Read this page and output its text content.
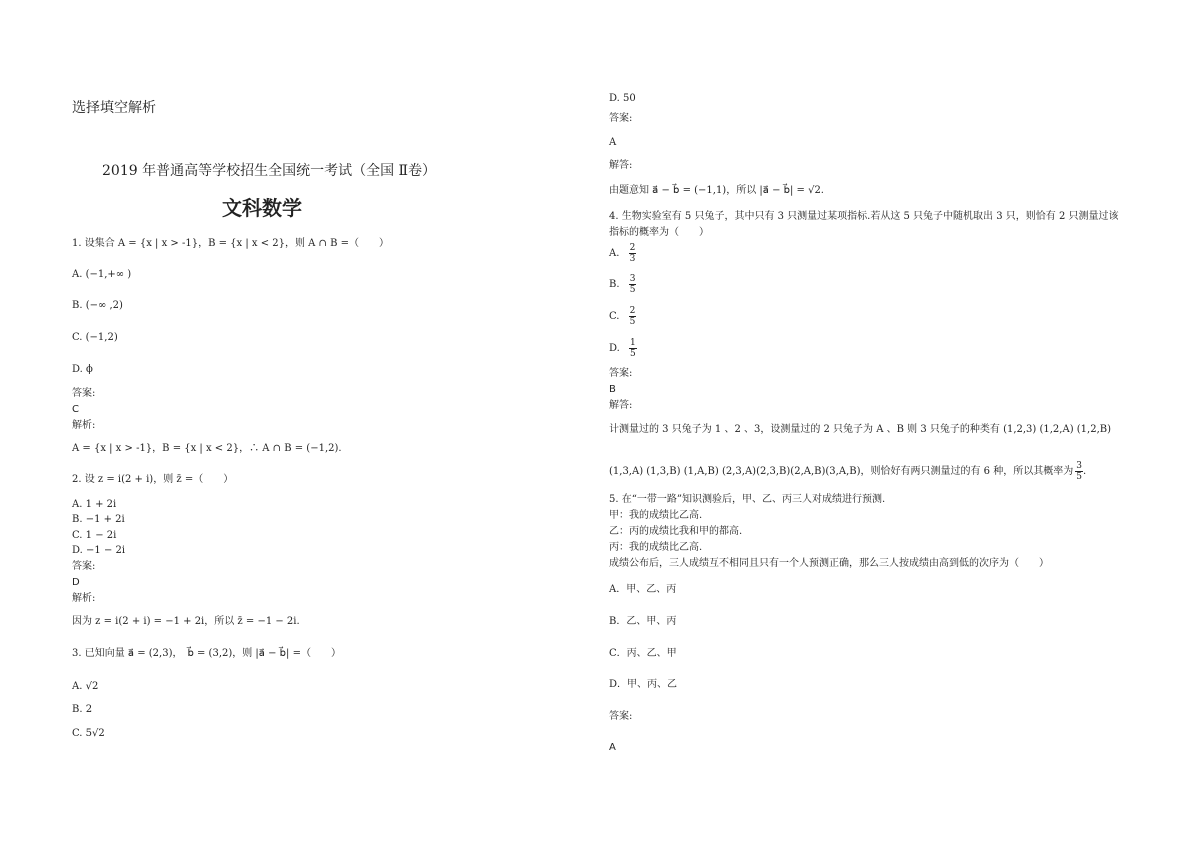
选择填空解析
2019 年普通高等学校招生全国统一考试（全国 Ⅱ卷）
文科数学
1. 设集合 A = {x | x > -1}，B = {x | x < 2}，则 A ∩ B =（　　）
A. (−1,+∞ )
B. (−∞ ,2)
C. (−1,2)
D. ϕ
答案:
C
解析:
A = {x | x > -1}，B = {x | x < 2}，∴ A ∩ B = (−1,2).
2. 设 z = i(2 + i)，则 z̄ =（　　）
A. 1 + 2i
B. −1 + 2i
C. 1 − 2i
D. −1 − 2i
答案:
D
解析:
因为 z = i(2 + i) = −1 + 2i，所以 z̄ = −1 − 2i.
3. 已知向量 a⃗ = (2,3)，　b⃗ = (3,2)，则 |a⃗ − b⃗| =（　　）
A. √2
B. 2
C. 5√2
D. 50
答案:
A
解答:
由题意知 a⃗ − b⃗ = (−1,1)，所以 |a⃗ − b⃗| = √2.
4. 生物实验室有 5 只兔子，其中只有 3 只测量过某项指标.若从这 5 只兔子中随机取出 3 只，则恰有 2 只测量过该
指标的概率为（　　）
A. $\frac{2}{3}$
B. $\frac{3}{5}$
C. $\frac{2}{5}$
D. $\frac{1}{5}$
答案:
B
解答:
计测量过的 3 只兔子为 1 、2 、3，设测量过的 2 只兔子为 A 、B 则 3 只兔子的种类有 (1,2,3) (1,2,A) (1,2,B)
(1,3,A) (1,3,B) (1,A,B) (2,3,A)(2,3,B)(2,A,B)(3,A,B)，则恰好有两只测量过的有 6 种，所以其概率为 $\frac{3}{5}$ .
5. 在“一带一路”知识测验后，甲、乙、丙三人对成绩进行预测.
甲：我的成绩比乙高.
乙：丙的成绩比我和甲的都高.
丙：我的成绩比乙高.
成绩公布后，三人成绩互不相同且只有一个人预测正确，那么三人按成绩由高到低的次序为（　　）
A．甲、乙、丙
B．乙、甲、丙
C．丙、乙、甲
D．甲、丙、乙
答案:
A
